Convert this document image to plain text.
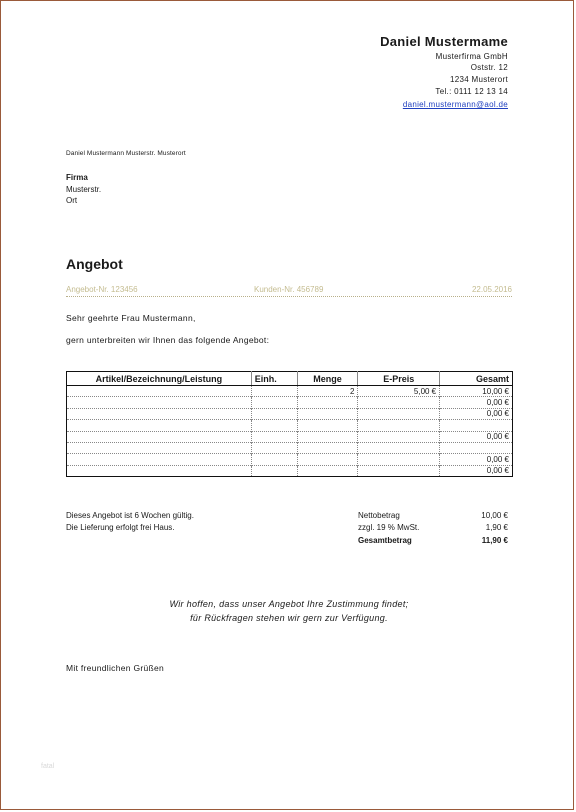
Daniel Mustermame
Musterfirma GmbH
Oststr. 12
1234 Musterort
Tel.: 0111 12 13 14
daniel.mustermann@aol.de
Daniel Mustermann Musterstr. Musterort
Firma
Musterstr.
Ort
Angebot
Angebot-Nr. 123456	Kunden-Nr. 456789	22.05.2016
Sehr geehrte Frau Mustermann,
gern unterbreiten wir Ihnen das folgende Angebot:
Artikel/Bezeichnung/Leistung	Einh.	Menge	E-Preis	Gesamt
		2	5,00 €	10,00 €
				0,00 €
				0,00 €

				0,00 €

				0,00 €
				0,00 €
Dieses Angebot ist 6 Wochen gültig.
Die Lieferung erfolgt frei Haus.
Nettobetrag	10,00 €
zzgl. 19 % MwSt.	1,90 €
Gesamtbetrag	11,90 €
Wir hoffen, dass unser Angebot Ihre Zustimmung findet;
für Rückfragen stehen wir gern zur Verfügung.
Mit freundlichen Grüßen
fatal
